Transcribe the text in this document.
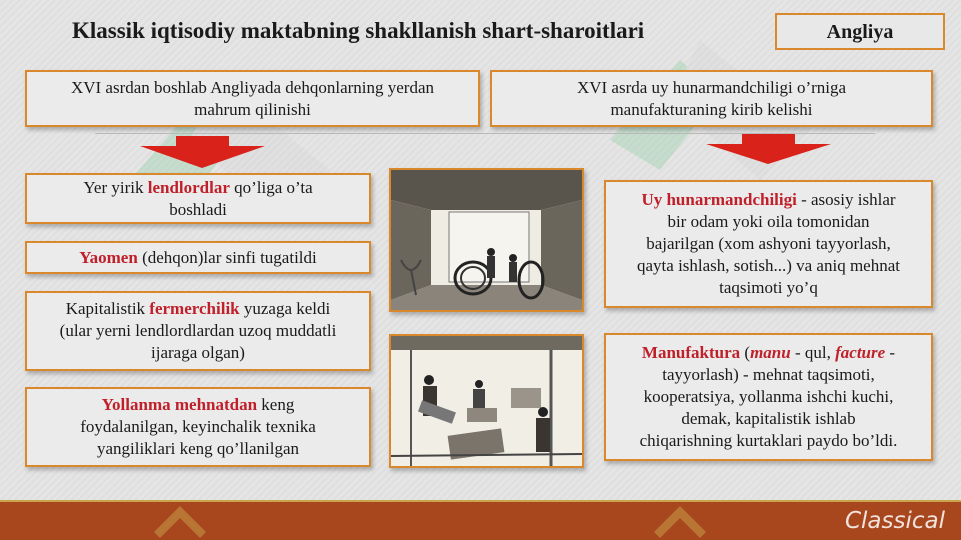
Klassik iqtisodiy maktabning shakllanish shart-sharoitlari	Angliya
XVI asrdan boshlab Angliyada dehqonlarning yerdan
mahrum qilinishi
XVI asrda uy hunarmandchiligi o’rniga
manufakturaning kirib kelishi
Yer yirik lendlordlar qo’liga o’ta
boshladi
Yaomen (dehqon)lar sinfi tugatildi
Kapitalistik fermerchilik yuzaga keldi
(ular yerni lendlordlardan uzoq muddatli
ijaraga olgan)
Yollanma mehnatdan keng
foydalanilgan, keyinchalik texnika
yangiliklari keng qo’llanilgan
Uy hunarmandchiligi - asosiy ishlar
bir odam yoki oila tomonidan
bajarilgan (xom ashyoni tayyorlash,
qayta ishlash, sotish...) va aniq mehnat
taqsimoti yo’q
Manufaktura (manu - qul, facture -
tayyorlash) - mehnat taqsimoti,
kooperatsiya, yollanma ishchi kuchi,
demak, kapitalistik ishlab
chiqarishning kurtaklari paydo bo’ldi.
Classical
